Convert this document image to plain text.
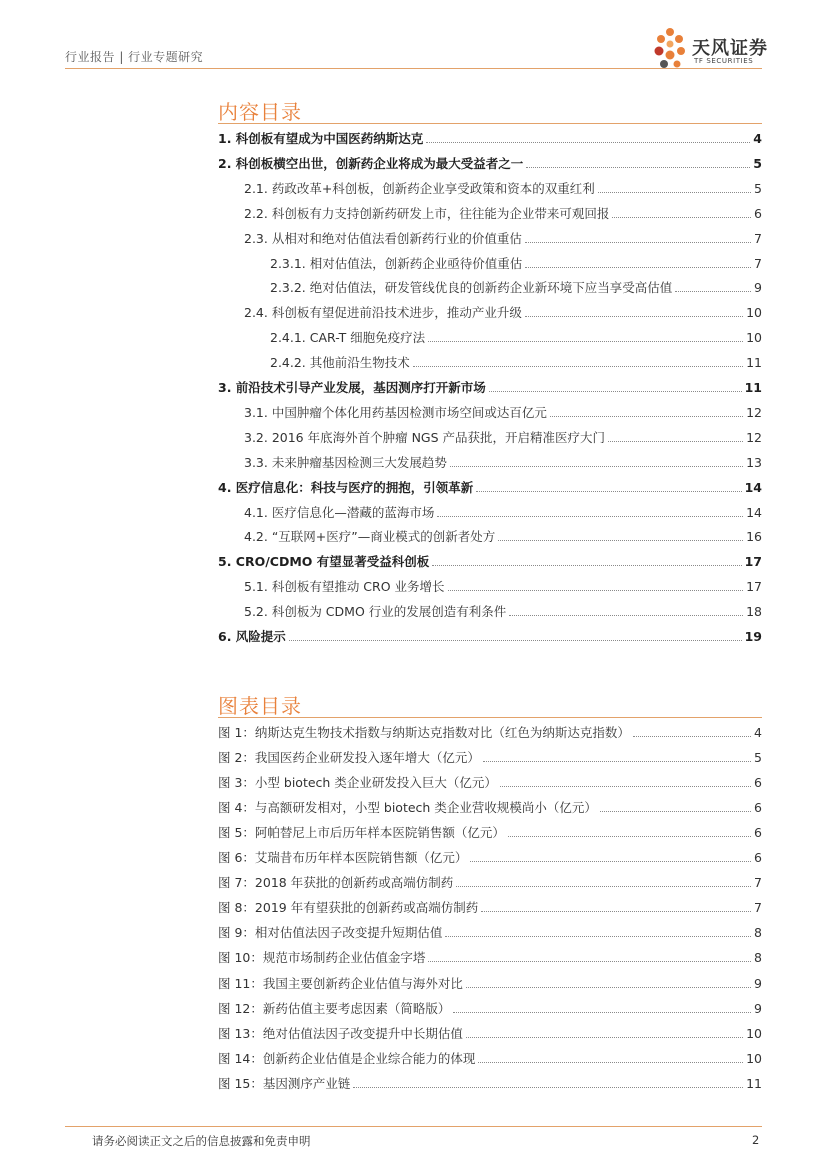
行业报告 | 行业专题研究	天风证券
TF SECURITIES
内容目录
1. 科创板有望成为中国医药纳斯达克	4
2. 科创板横空出世，创新药企业将成为最大受益者之一	5
2.1. 药政改革+科创板，创新药企业享受政策和资本的双重红利	5
2.2. 科创板有力支持创新药研发上市，往往能为企业带来可观回报	6
2.3. 从相对和绝对估值法看创新药行业的价值重估	7
2.3.1. 相对估值法，创新药企业亟待价值重估	7
2.3.2. 绝对估值法，研发管线优良的创新药企业新环境下应当享受高估值	9
2.4. 科创板有望促进前沿技术进步，推动产业升级	10
2.4.1. CAR-T 细胞免疫疗法	10
2.4.2. 其他前沿生物技术	11
3. 前沿技术引导产业发展，基因测序打开新市场	11
3.1. 中国肿瘤个体化用药基因检测市场空间或达百亿元	12
3.2. 2016 年底海外首个肿瘤 NGS 产品获批，开启精准医疗大门	12
3.3. 未来肿瘤基因检测三大发展趋势	13
4. 医疗信息化：科技与医疗的拥抱，引领革新	14
4.1. 医疗信息化—潜藏的蓝海市场	14
4.2. “互联网+医疗”—商业模式的创新者处方	16
5. CRO/CDMO 有望显著受益科创板	17
5.1. 科创板有望推动 CRO 业务增长	17
5.2. 科创板为 CDMO 行业的发展创造有利条件	18
6. 风险提示	19
图表目录
图 1：纳斯达克生物技术指数与纳斯达克指数对比（红色为纳斯达克指数）	4
图 2：我国医药企业研发投入逐年增大（亿元）	5
图 3：小型 biotech 类企业研发投入巨大（亿元）	6
图 4：与高额研发相对，小型 biotech 类企业营收规模尚小（亿元）	6
图 5：阿帕替尼上市后历年样本医院销售额（亿元）	6
图 6：艾瑞昔布历年样本医院销售额（亿元）	6
图 7：2018 年获批的创新药或高端仿制药	7
图 8：2019 年有望获批的创新药或高端仿制药	7
图 9：相对估值法因子改变提升短期估值	8
图 10：规范市场制药企业估值金字塔	8
图 11：我国主要创新药企业估值与海外对比	9
图 12：新药估值主要考虑因素（简略版）	9
图 13：绝对估值法因子改变提升中长期估值	10
图 14：创新药企业估值是企业综合能力的体现	10
图 15：基因测序产业链	11
请务必阅读正文之后的信息披露和免责申明	2
